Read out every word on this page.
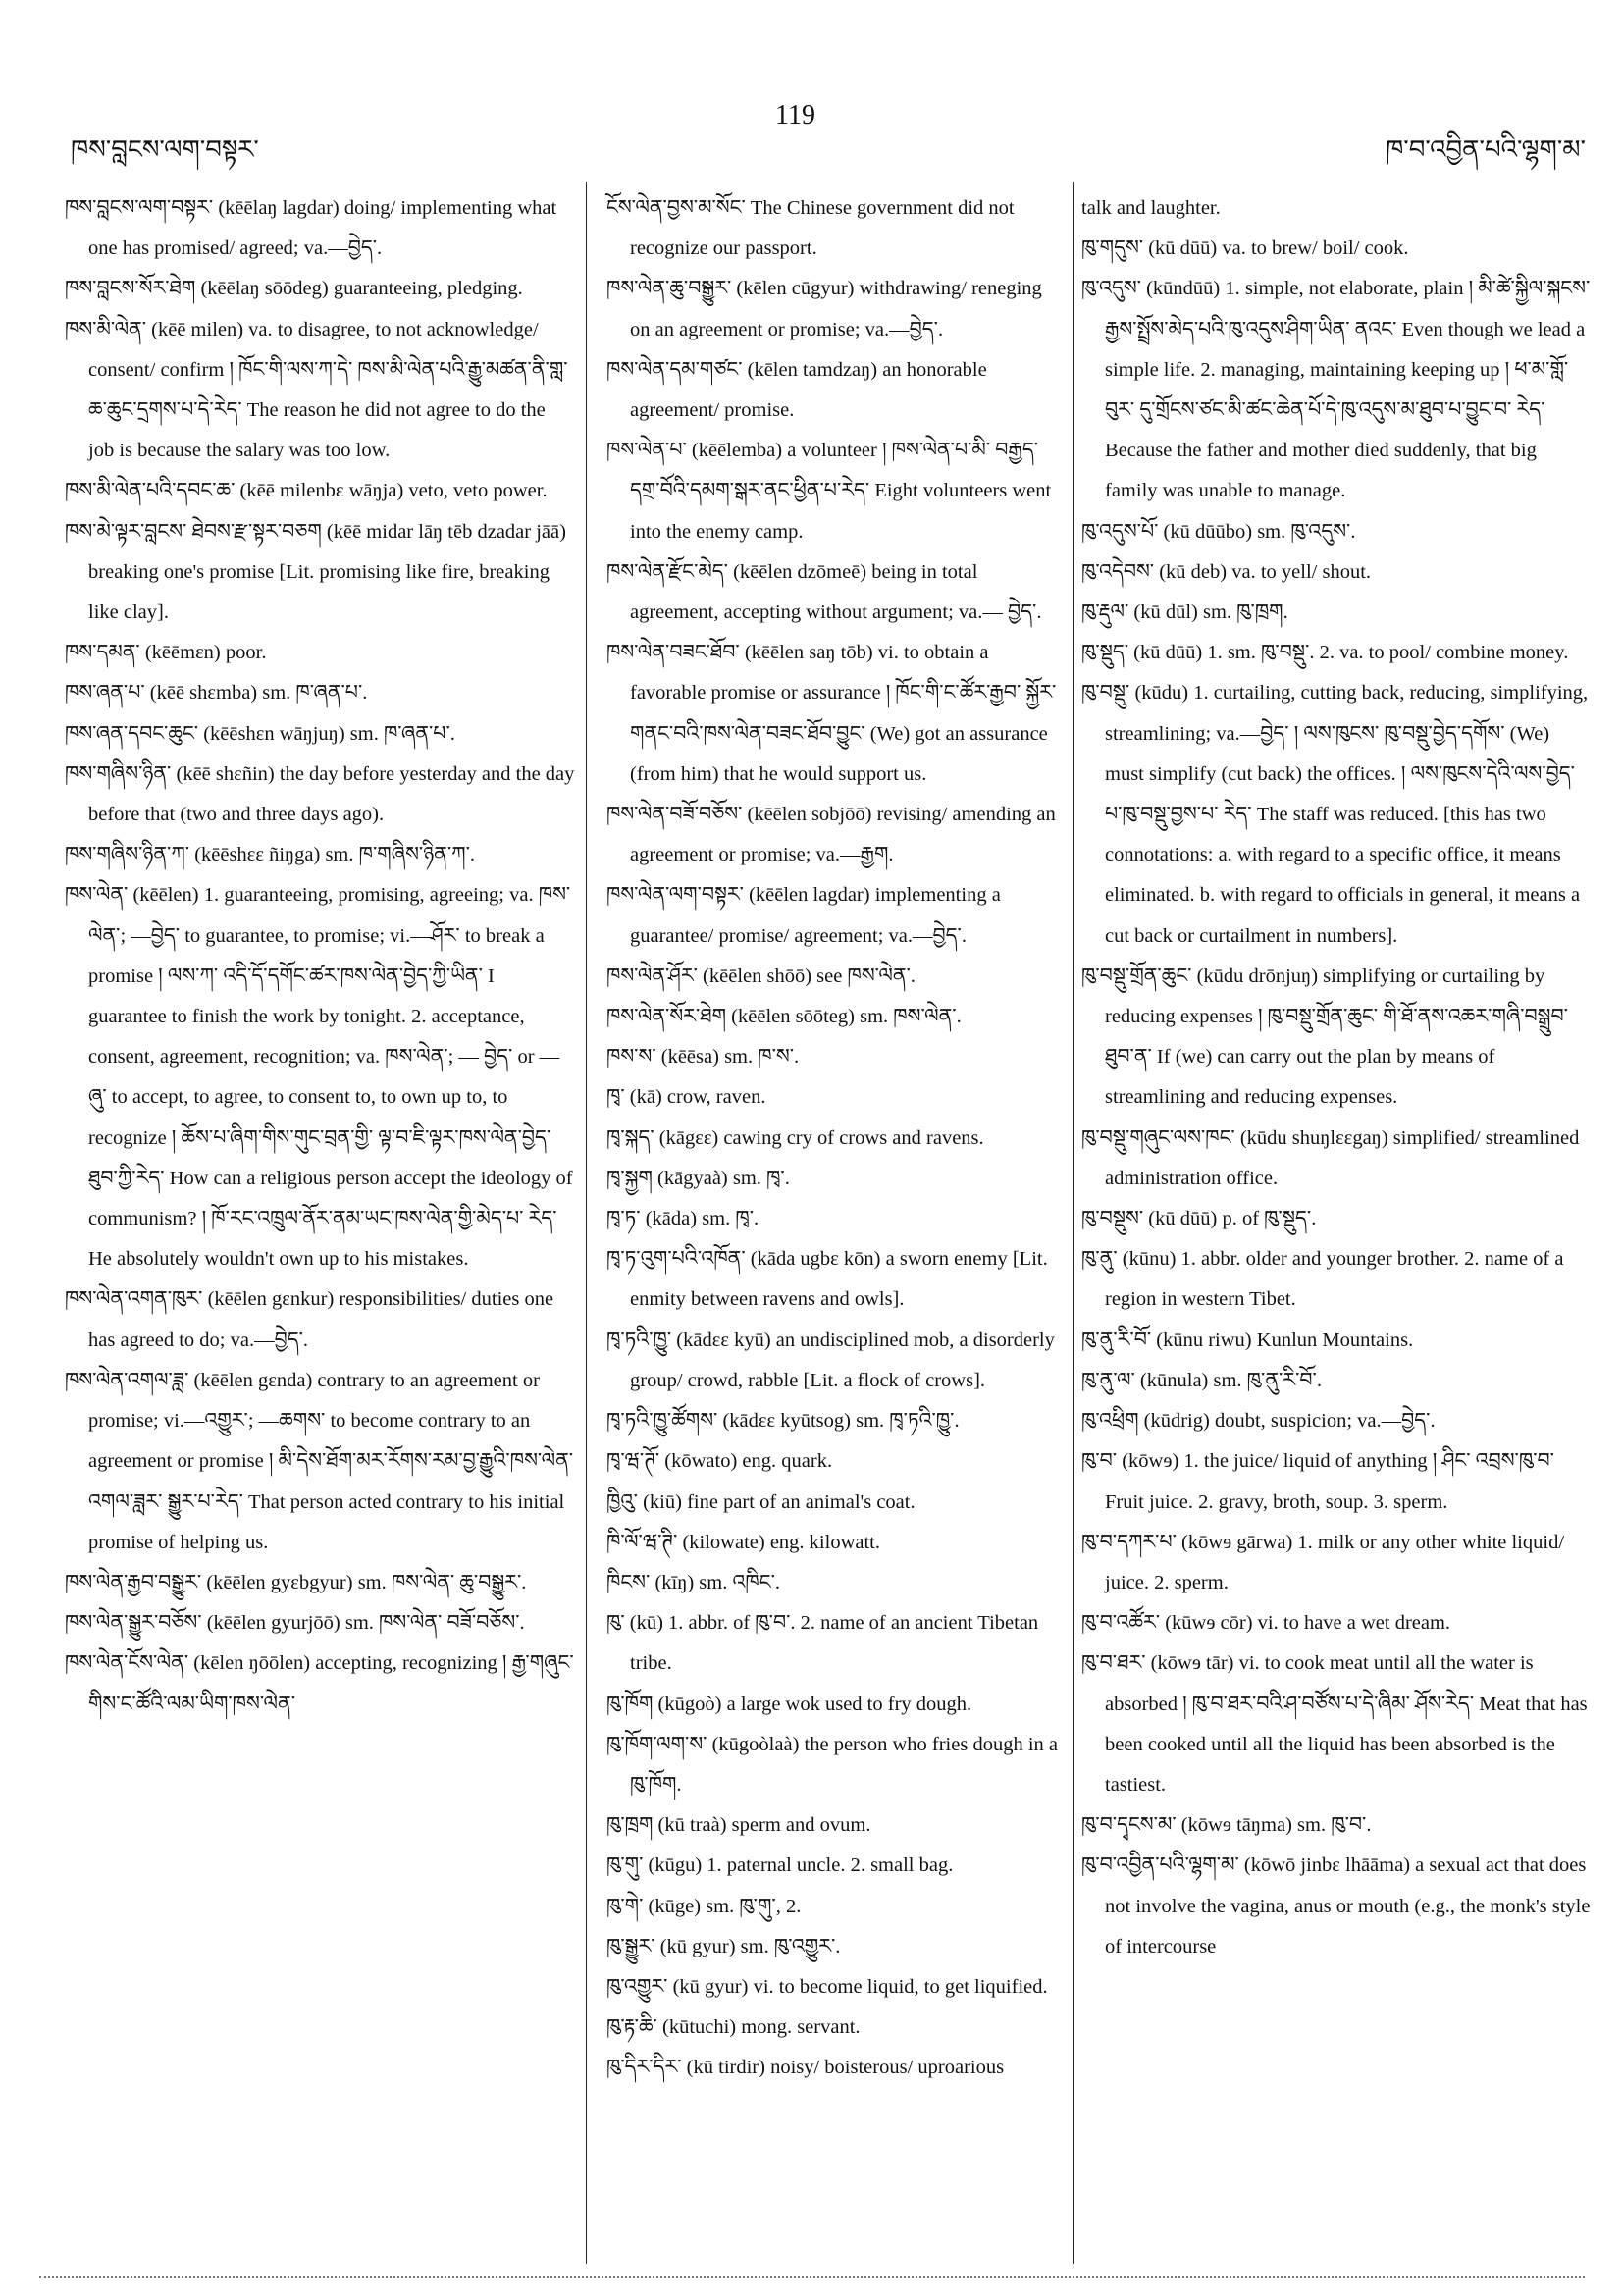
ཁས་བླངས་ལག་བསྟར་
119
ཁ་བ་འབྱིན་པའི་ལྷག་མ་

ཁས་བླངས་ལག་བསྟར་ (kēēlaŋ lagdar) doing/ implementing what one has promised/ agreed; va.—བྱེད་.

ཁས་བླངས་སོར་ཐེག (kēēlaŋ sōōdeg) guaranteeing, pledging.

ཁས་མི་ལེན་ (kēē milen) va. to disagree, to not acknowledge/ consent/ confirm ། ཁོང་གི་ལས་ཀ་དེ་ ཁས་མི་ལེན་པའི་རྒྱུ་མཚན་ནི་གླ་ཆ་ཆུང་དྲགས་པ་དེ་རེད་ The reason he did not agree to do the job is because the salary was too low.

ཁས་མི་ལེན་པའི་དབང་ཆ་ (kēē milenbɛ wāŋja) veto, veto power.

ཁས་མེ་ལྟར་བླངས་ ཐེབས་རྫ་སྟར་བཅག (kēē midar lāŋ tēb dzadar jāā) breaking one's promise [Lit. promising like fire, breaking like clay].

ཁས་དམན་ (kēēmɛn) poor.

ཁས་ཞན་པ་ (kēē shɛmba) sm. ཁ་ཞན་པ་.

ཁས་ཞན་དབང་ཆུང་ (kēēshɛn wāŋjuŋ) sm. ཁ་ཞན་པ་.

ཁས་གཞིས་ཉིན་ (kēē shɛñin) the day before yesterday and the day before that (two and three days ago).

ཁས་གཞིས་ཉིན་ཀ་ (kēēshɛɛ ñiŋga) sm. ཁ་གཞིས་ཉིན་ཀ་.

ཁས་ལེན་ (kēēlen) 1. guaranteeing, promising, agreeing; va. ཁས་ལེན་; —བྱེད་ to guarantee, to promise; vi.—ཤོར་ to break a promise ། ལས་ཀ་ འདི་དོ་དགོང་ཚར་ཁས་ལེན་བྱེད་ཀྱི་ཡིན་ I guarantee to finish the work by tonight. 2. acceptance, consent, agreement, recognition; va. ཁས་ལེན་; — བྱེད་ or —ཞུ་ to accept, to agree, to consent to, to own up to, to recognize ། ཆོས་པ་ཞིག་གིས་གུང་བྲན་གྱི་ ལྟ་བ་ཇི་ལྟར་ཁས་ལེན་བྱེད་ཐུབ་ཀྱི་རེད་ How can a religious person accept the ideology of communism? ། ཁོ་རང་འཁྲུལ་ནོར་ནམ་ཡང་ཁས་ལེན་གྱི་མེད་པ་ རེད་ He absolutely wouldn't own up to his mistakes.

ཁས་ལེན་འགན་ཁུར་ (kēēlen gɛnkur) responsibilities/ duties one has agreed to do; va.—བྱེད་.

ཁས་ལེན་འགལ་ཟླ་ (kēēlen gɛnda) contrary to an agreement or promise; vi.—འགྱུར་; —ཆགས་ to become contrary to an agreement or promise ། མི་དེས་ཐོག་མར་རོགས་རམ་བྱ་རྒྱུའི་ཁས་ལེན་འགལ་ཟླར་ སྒྱུར་པ་རེད་ That person acted contrary to his initial promise of helping us.

ཁས་ལེན་རྒྱབ་བསྒྱུར་ (kēēlen gyɛbgyur) sm. ཁས་ལེན་ ཆུ་བསྒྱུར་.

ཁས་ལེན་སྒྱུར་བཅོས་ (kēēlen gyurjōō) sm. ཁས་ལེན་ བཟོ་བཅོས་.

ཁས་ལེན་ངོས་ལེན་ (kēlen ŋōōlen) accepting, recognizing ། རྒྱ་གཞུང་གིས་ང་ཚོའི་ལམ་ཡིག་ཁས་ལེན་

ངོས་ལེན་བྱས་མ་སོང་ The Chinese government did not recognize our passport.

ཁས་ལེན་ཆུ་བསྒྱུར་ (kēlen cūgyur) withdrawing/ reneging on an agreement or promise; va.—བྱེད་.

ཁས་ལེན་དམ་གཙང་ (kēlen tamdzaŋ) an honorable agreement/ promise.

ཁས་ལེན་པ་ (kēēlemba) a volunteer ། ཁས་ལེན་པ་མི་ བརྒྱད་དགྲ་བོའི་དམག་སྒར་ནང་ཕྱིན་པ་རེད་ Eight volunteers went into the enemy camp.

ཁས་ལེན་རྫོང་མེད་ (kēēlen dzōmeē) being in total agreement, accepting without argument; va.— བྱེད་.

ཁས་ལེན་བཟང་ཐོབ་ (kēēlen saŋ tōb) vi. to obtain a favorable promise or assurance ། ཁོང་གི་ང་ཚོར་རྒྱབ་ སྐྱོར་གནང་བའི་ཁས་ལེན་བཟང་ཐོབ་བྱུང་ (We) got an assurance (from him) that he would support us.

ཁས་ལེན་བཟོ་བཅོས་ (kēēlen sobjōō) revising/ amending an agreement or promise; va.—རྒྱག.

ཁས་ལེན་ལག་བསྟར་ (kēēlen lagdar) implementing a guarantee/ promise/ agreement; va.—བྱེད་.

ཁས་ལེན་ཤོར་ (kēēlen shōō) see ཁས་ལེན་.

ཁས་ལེན་སོར་ཐེག (kēēlen sōōteg) sm. ཁས་ལེན་.

ཁས་ས་ (kēēsa) sm. ཁ་ས་.

ཁྭ་ (kā) crow, raven.

ཁྭ་སྐད་ (kāgɛɛ) cawing cry of crows and ravens.

ཁྭ་སྐྱག (kāgyaà) sm. ཁྭ་.

ཁྭ་ཏ་ (kāda) sm. ཁྭ་.

ཁྭ་ཏ་འུག་པའི་འཁོན་ (kāda ugbɛ kōn) a sworn enemy [Lit. enmity between ravens and owls].

ཁྭ་ཏའི་ཁྱུ་ (kādɛɛ kyū) an undisciplined mob, a disorderly group/ crowd, rabble [Lit. a flock of crows].

ཁྭ་ཏའི་ཁྱུ་ཚོགས་ (kādɛɛ kyūtsog) sm. ཁྭ་ཏའི་ཁྱུ་.

ཁྭ་ཝ་ཊོ་ (kōwato) eng. quark.

ཁྱིའུ་ (kiū) fine part of an animal's coat.

ཁི་ལོ་ཝ་ཊི་ (kilowate) eng. kilowatt.

ཁིངས་ (kīŋ) sm. འཁིང་.

ཁུ་ (kū) 1. abbr. of ཁུ་བ་. 2. name of an ancient Tibetan tribe.

ཁུ་ཁོག (kūgoò) a large wok used to fry dough.

ཁུ་ཁོག་ལག་ས་ (kūgoòlaà) the person who fries dough in a ཁུ་ཁོག.

ཁུ་ཁྲག (kū traà) sperm and ovum.

ཁུ་གུ་ (kūgu) 1. paternal uncle. 2. small bag.

ཁུ་གེ་ (kūge) sm. ཁུ་གུ་, 2.

ཁུ་སྒྱུར་ (kū gyur) sm. ཁུ་འགྱུར་.

ཁུ་འགྱུར་ (kū gyur) vi. to become liquid, to get liquified.

ཁུ་རྟ་ཆི་ (kūtuchi) mong. servant.

ཁུ་དིར་དིར་ (kū tirdir) noisy/ boisterous/ uproarious

talk and laughter.

ཁུ་གདུས་ (kū dūū) va. to brew/ boil/ cook.

ཁུ་འདུས་ (kūndūū) 1. simple, not elaborate, plain ། མི་ཚེ་སྐྱིལ་སྐངས་རྒྱས་སྤྲོས་མེད་པའི་ཁུ་འདུས་ཤིག་ཡིན་ ནའང་ Even though we lead a simple life. 2. managing, maintaining keeping up ། ཕ་མ་གློ་བུར་ དུ་གྲོངས་ཙང་མི་ཚང་ཆེན་པོ་དེ་ཁུ་འདུས་མ་ཐུབ་པ་བྱུང་བ་ རེད་ Because the father and mother died suddenly, that big family was unable to manage.

ཁུ་འདུས་པོ་ (kū dūūbo) sm. ཁུ་འདུས་.

ཁུ་འདེབས་ (kū deb) va. to yell/ shout.

ཁུ་རྡུལ་ (kū dūl) sm. ཁུ་ཁྲག.

ཁུ་སྡུད་ (kū dūū) 1. sm. ཁུ་བསྡུ་. 2. va. to pool/ combine money.

ཁུ་བསྡུ་ (kūdu) 1. curtailing, cutting back, reducing, simplifying, streamlining; va.—བྱེད་ ། ལས་ཁུངས་ ཁུ་བསྡུ་བྱེད་དགོས་ (We) must simplify (cut back) the offices. ། ལས་ཁུངས་དེའི་ལས་བྱེད་པ་ཁུ་བསྡུ་བྱས་པ་ རེད་ The staff was reduced. [this has two connotations: a. with regard to a specific office, it means eliminated. b. with regard to officials in general, it means a cut back or curtailment in numbers].

ཁུ་བསྡུ་གྲོན་ཆུང་ (kūdu drōnjuŋ) simplifying or curtailing by reducing expenses ། ཁུ་བསྡུ་གྲོན་ཆུང་ གི་ཐོ་ནས་འཆར་གཞི་བསྒྲུབ་ཐུབ་ན་ If (we) can carry out the plan by means of streamlining and reducing expenses.

ཁུ་བསྡུ་གཞུང་ལས་ཁང་ (kūdu shuŋlɛɛgaŋ) simplified/ streamlined administration office.

ཁུ་བསྡུས་ (kū dūū) p. of ཁུ་སྡུད་.

ཁུ་ནུ་ (kūnu) 1. abbr. older and younger brother. 2. name of a region in western Tibet.

ཁུ་ནུ་རི་བོ་ (kūnu riwu) Kunlun Mountains.

ཁུ་ནུ་ལ་ (kūnula) sm. ཁུ་ནུ་རི་བོ་.

ཁུ་འཕྲིག (kūdrig) doubt, suspicion; va.—བྱེད་.

ཁུ་བ་ (kōwɘ) 1. the juice/ liquid of anything ། ཤིང་ འབྲས་ཁུ་བ་ Fruit juice. 2. gravy, broth, soup. 3. sperm.

ཁུ་བ་དཀར་པ་ (kōwɘ gārwa) 1. milk or any other white liquid/ juice. 2. sperm.

ཁུ་བ་འཚོར་ (kūwɘ cōr) vi. to have a wet dream.

ཁུ་བ་ཐར་ (kōwɘ tār) vi. to cook meat until all the water is absorbed ། ཁུ་བ་ཐར་བའི་ཤ་བཙོས་པ་དེ་ཞིམ་ ཤོས་རེད་ Meat that has been cooked until all the liquid has been absorbed is the tastiest.

ཁུ་བ་དྭངས་མ་ (kōwɘ tāŋma) sm. ཁུ་བ་.

ཁུ་བ་འབྱིན་པའི་ལྷག་མ་ (kōwō jinbɛ lhāāma) a sexual act that does not involve the vagina, anus or mouth (e.g., the monk's style of intercourse
